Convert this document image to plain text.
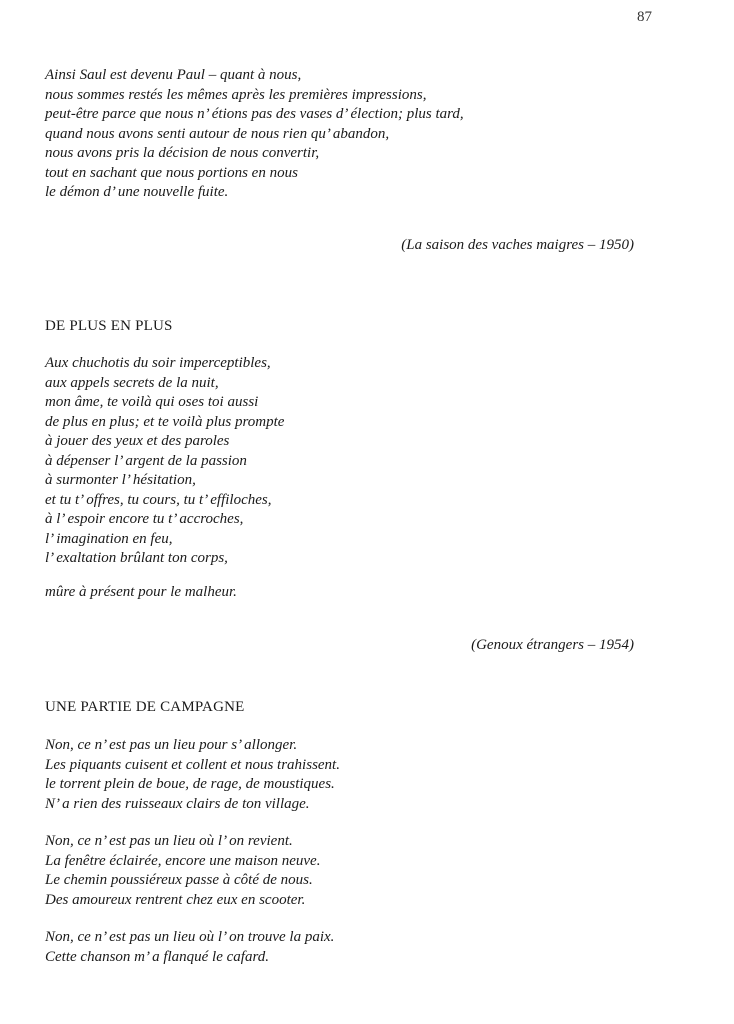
87
Ainsi Saul est devenu Paul – quant à nous,
nous sommes restés les mêmes après les premières impressions,
peut-être parce que nous n’ étions pas des vases d’ élection; plus tard,
quand nous avons senti autour de nous rien qu’ abandon,
nous avons pris la décision de nous convertir,
tout en sachant que nous portions en nous
le démon d’ une nouvelle fuite.
(La saison des vaches maigres – 1950)
DE PLUS EN PLUS
Aux chuchotis du soir imperceptibles,
aux appels secrets de la nuit,
mon âme, te voilà qui oses toi aussi
de plus en plus; et te voilà plus prompte
à jouer des yeux et des paroles
à dépenser l’ argent de la passion
à surmonter l’ hésitation,
et tu t’ offres, tu cours, tu t’ effiloches,
à l’ espoir encore tu t’ accroches,
l’ imagination en feu,
l’ exaltation brûlant ton corps,
mûre à présent pour le malheur.
(Genoux étrangers – 1954)
UNE PARTIE DE CAMPAGNE
Non, ce n’ est pas un lieu pour s’ allonger.
Les piquants cuisent et collent et nous trahissent.
le torrent plein de boue, de rage, de moustiques.
N’ a rien des ruisseaux clairs de ton village.
Non, ce n’ est pas un lieu où l’ on revient.
La fenêtre éclairée, encore une maison neuve.
Le chemin poussiéreux passe à côté de nous.
Des amoureux rentrent chez eux en scooter.
Non, ce n’ est pas un lieu où l’ on trouve la paix.
Cette chanson m’ a flanqué le cafard.
